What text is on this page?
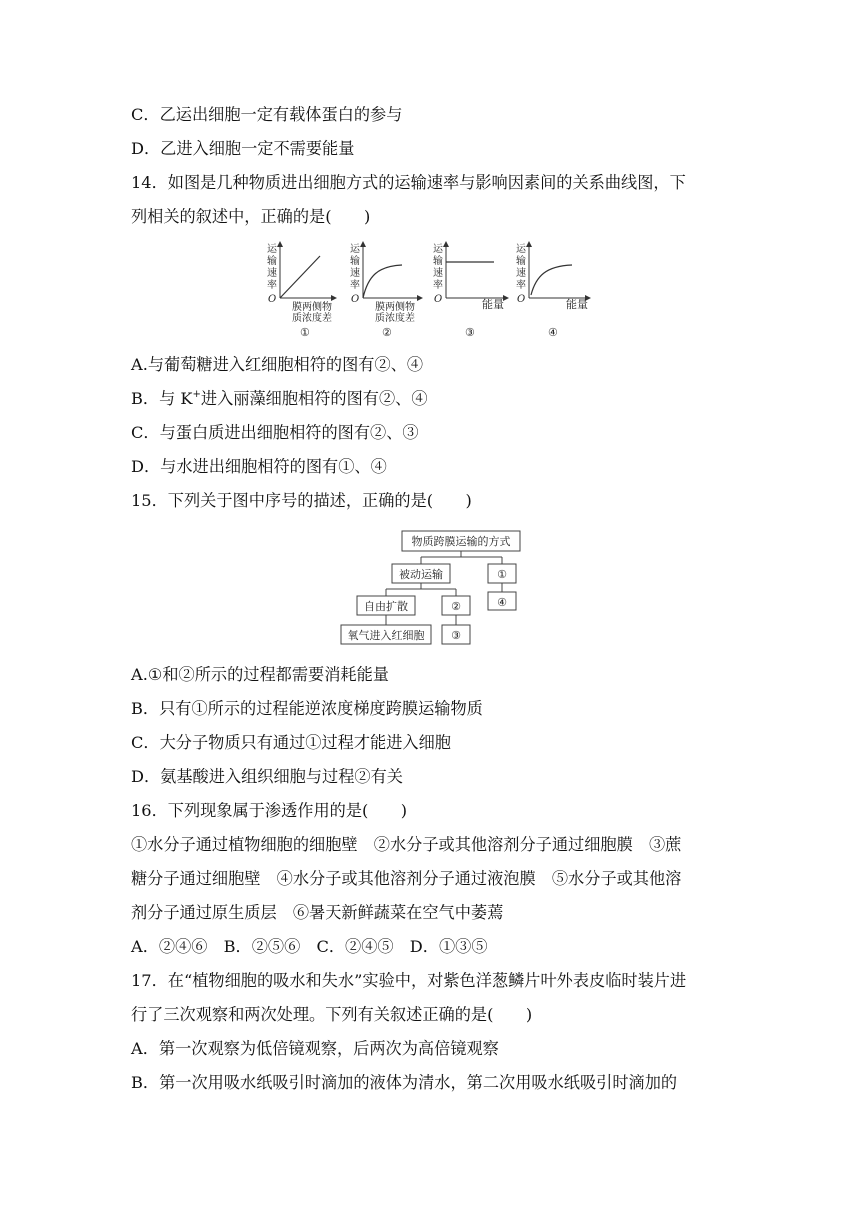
C．乙运出细胞一定有载体蛋白的参与
D．乙进入细胞一定不需要能量
14．如图是几种物质进出细胞方式的运输速率与影响因素间的关系曲线图，下
列相关的叙述中，正确的是(　　)
运
输
速
率
O
膜两侧物
质浓度差
①
运
输
速
率
O
膜两侧物
质浓度差
②
运
输
速
率
O	能量
③
运
输
速
率
O	能量
④
A.与葡萄糖进入红细胞相符的图有②、④
B．与 K+进入丽藻细胞相符的图有②、④
C．与蛋白质进出细胞相符的图有②、③
D．与水进出细胞相符的图有①、④
15．下列关于图中序号的描述，正确的是(　　)
物质跨膜运输的方式
被动运输	①
④
自由扩散	②
氧气进入红细胞 ③
A.①和②所示的过程都需要消耗能量
B．只有①所示的过程能逆浓度梯度跨膜运输物质
C．大分子物质只有通过①过程才能进入细胞
D．氨基酸进入组织细胞与过程②有关
16．下列现象属于渗透作用的是(　　)
①水分子通过植物细胞的细胞壁　②水分子或其他溶剂分子通过细胞膜　③蔗
糖分子通过细胞壁　④水分子或其他溶剂分子通过液泡膜　⑤水分子或其他溶
剂分子通过原生质层　⑥暑天新鲜蔬菜在空气中萎蔫
A．②④⑥　B．②⑤⑥　C．②④⑤　D．①③⑤
17．在“植物细胞的吸水和失水”实验中，对紫色洋葱鳞片叶外表皮临时装片进
行了三次观察和两次处理。下列有关叙述正确的是(　　)
A．第一次观察为低倍镜观察，后两次为高倍镜观察
B．第一次用吸水纸吸引时滴加的液体为清水，第二次用吸水纸吸引时滴加的
